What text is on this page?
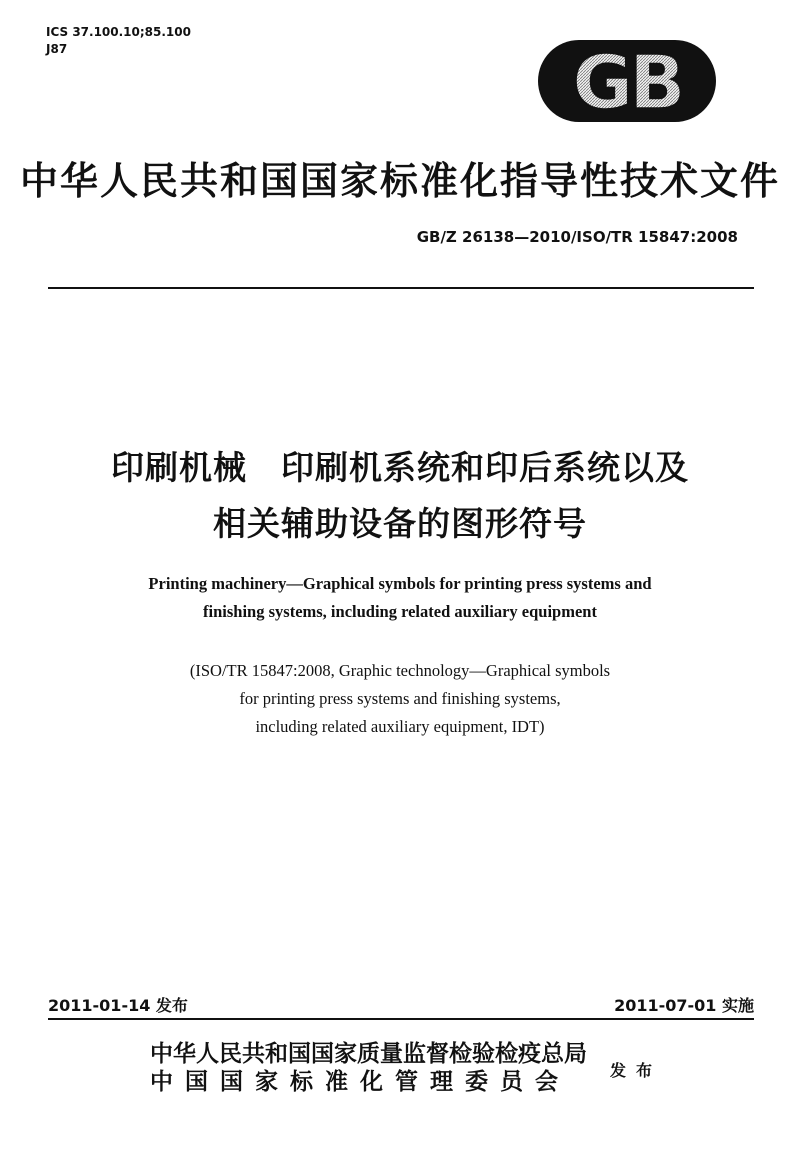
ICS 37.100.10;85.100
J87	GB
中华人民共和国国家标准化指导性技术文件
GB/Z 26138—2010/ISO/TR 15847:2008
印刷机械　印刷机系统和印后系统以及
相关辅助设备的图形符号
Printing machinery—Graphical symbols for printing press systems and
finishing systems, including related auxiliary equipment
(ISO/TR 15847:2008, Graphic technology—Graphical symbols
for printing press systems and finishing systems,
including related auxiliary equipment, IDT)
2011-01-14 发布	2011-07-01 实施
中华人民共和国国家质量监督检验检疫总局
中国国家标准化管理委员会	发布
